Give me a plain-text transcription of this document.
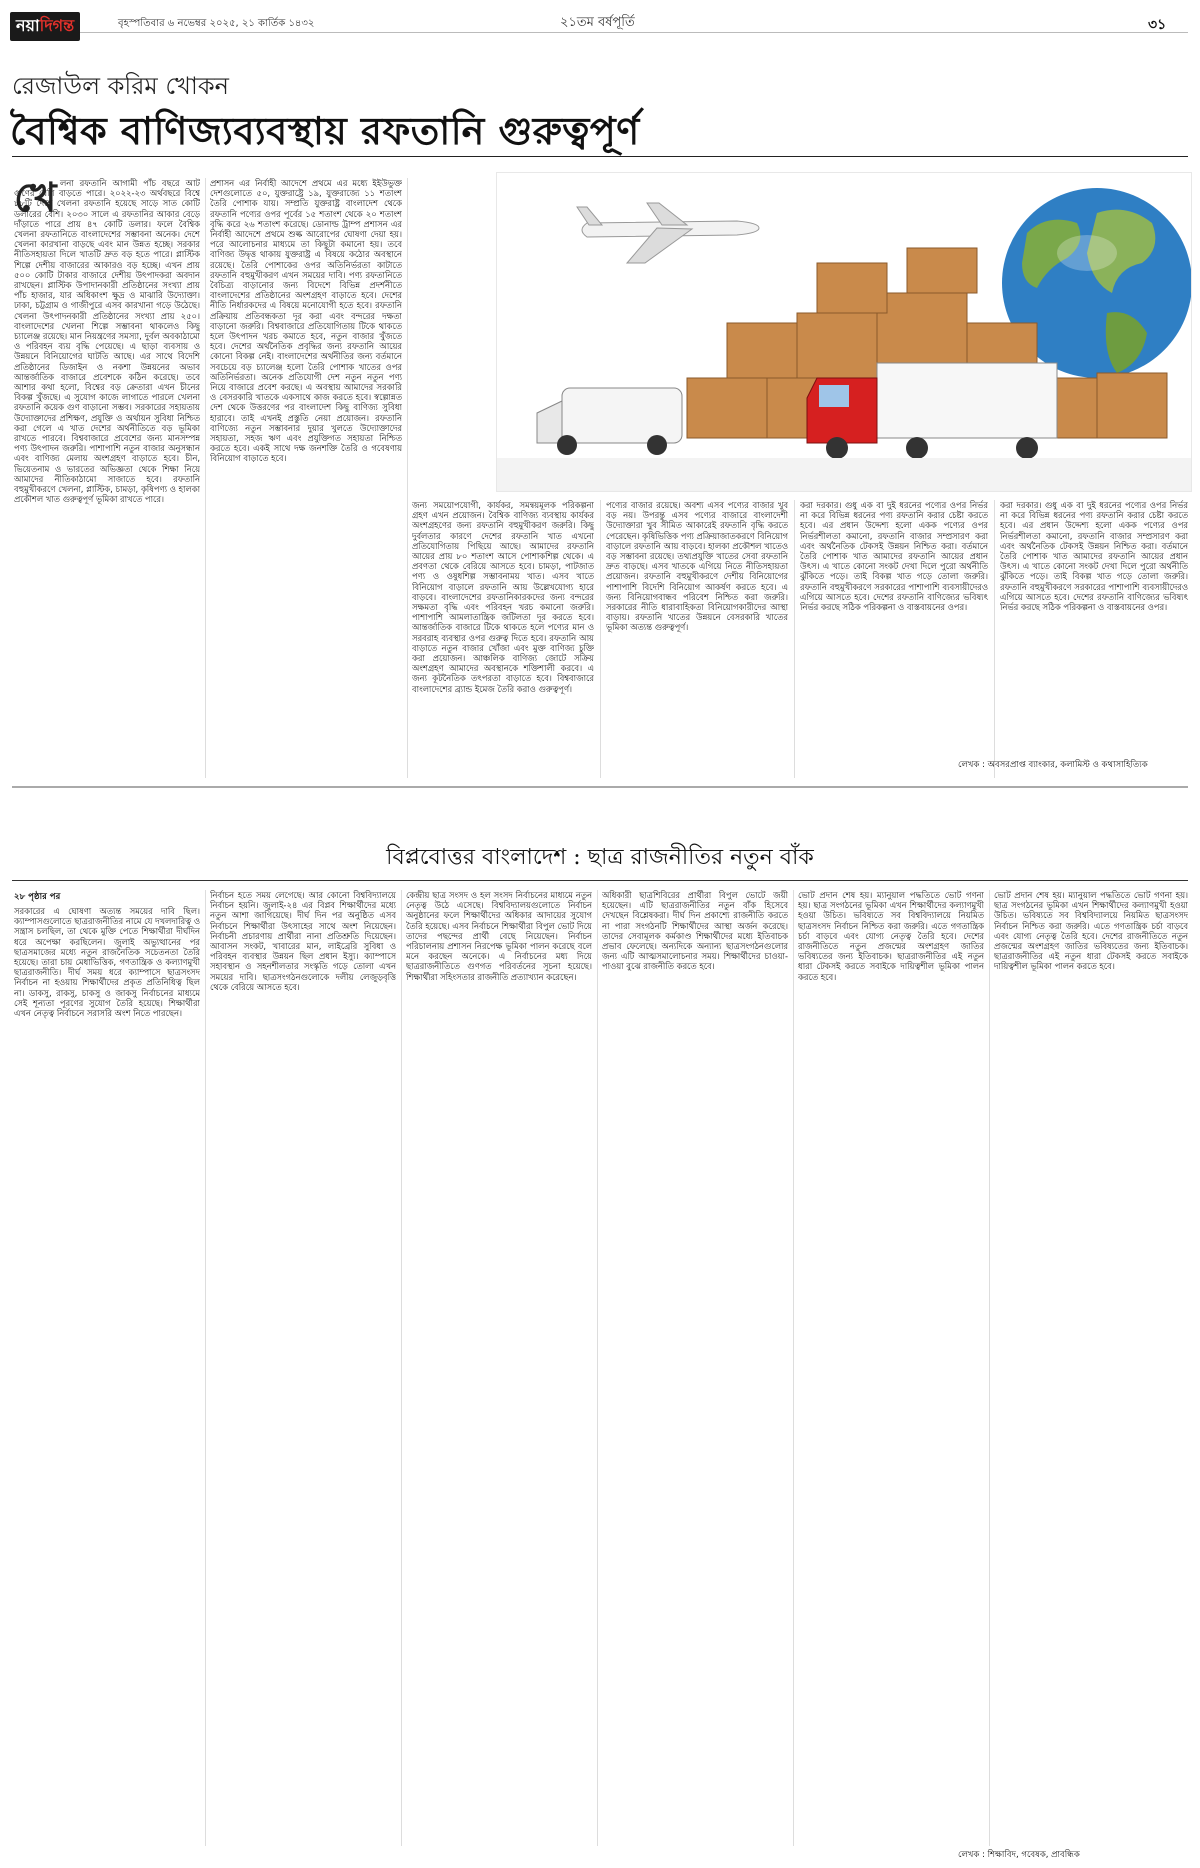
নয়াদিগন্ত	বৃহস্পতিবার ৬ নভেম্বর ২০২৫, ২১ কার্তিক ১৪৩২	২১তম বর্ষপূর্তি	৩১
রেজাউল করিম খোকন
বৈশ্বিক বাণিজ্যব্যবস্থায় রফতানি গুরুত্বপূর্ণ
খে লনা রফতানি আগামী পাঁচ বছরে আট গুণের বেশি বাড়তে পারে। ২০২২-২৩ অর্থবছরে বিশ্বে ৮৮টি দেশে খেলনা রফতানি হয়েছে সাড়ে সাত কোটি ডলারের বেশি। ২০৩০ সালে এ রফতানির আকার বেড়ে দাঁড়াতে পারে প্রায় ৪৭ কোটি ডলার। ফলে বৈশ্বিক খেলনা রফতানিতে বাংলাদেশের সম্ভাবনা অনেক। দেশে খেলনা কারখানা বাড়ছে এবং মান উন্নত হচ্ছে। সরকার নীতিসহায়তা দিলে খাতটি দ্রুত বড় হতে পারে। প্লাস্টিক শিল্পে দেশীয় বাজারের আকারও বড় হচ্ছে। এখন প্রায় ৫০০ কোটি টাকার বাজারে দেশীয় উৎপাদকরা অবদান রাখছেন। প্লাস্টিক উপাদানকারী প্রতিষ্ঠানের সংখ্যা প্রায় পাঁচ হাজার, যার অধিকাংশ ক্ষুদ্র ও মাঝারি উদ্যোক্তা। ঢাকা, চট্টগ্রাম ও গাজীপুরে এসব কারখানা গড়ে উঠেছে। খেলনা উৎপাদনকারী প্রতিষ্ঠানের সংখ্যা প্রায় ২৫০। বাংলাদেশের খেলনা শিল্পে সম্ভাবনা থাকলেও কিছু চ্যালেঞ্জ রয়েছে। মান নিয়ন্ত্রণের সমস্যা, দুর্বল অবকাঠামো ও পরিবহন ব্যয় বৃদ্ধি পেয়েছে। এ ছাড়া ব্যবসায় ও উন্নয়নে বিনিয়োগের ঘাটতি আছে। এর সাথে বিদেশি প্রতিষ্ঠানের ডিজাইন ও নকশা উন্নয়নের অভাব আন্তর্জাতিক বাজারে প্রবেশকে কঠিন করেছে। তবে আশার কথা হলো, বিশ্বের বড় ক্রেতারা এখন চীনের বিকল্প খুঁজছে। এ সুযোগ কাজে লাগাতে পারলে খেলনা রফতানি কয়েক গুণ বাড়ানো সম্ভব। সরকারের সহায়তায় উদ্যোক্তাদের প্রশিক্ষণ, প্রযুক্তি ও অর্থায়ন সুবিধা নিশ্চিত করা গেলে এ খাত দেশের অর্থনীতিতে বড় ভূমিকা রাখতে পারবে। বিশ্ববাজারে প্রবেশের জন্য মানসম্পন্ন পণ্য উৎপাদন জরুরি। পাশাপাশি নতুন বাজার অনুসন্ধান এবং বাণিজ্য মেলায় অংশগ্রহণ বাড়াতে হবে। চীন, ভিয়েতনাম ও ভারতের অভিজ্ঞতা থেকে শিক্ষা নিয়ে আমাদের নীতিকাঠামো সাজাতে হবে। রফতানি বহুমুখীকরণে খেলনা, প্লাস্টিক, চামড়া, কৃষিপণ্য ও হালকা প্রকৌশল খাত গুরুত্বপূর্ণ ভূমিকা রাখতে পারে।
প্রশাসন এর নির্বাহী আদেশে প্রথমে এর মধ্যে ইইউভুক্ত দেশগুলোতে ৫০, যুক্তরাষ্ট্রে ১৯, যুক্তরাজ্যে ১১ শতাংশ তৈরি পোশাক যায়। সম্প্রতি যুক্তরাষ্ট্র বাংলাদেশ থেকে রফতানি পণ্যের ওপর পূর্বের ১৫ শতাংশ থেকে ২০ শতাংশ বৃদ্ধি করে ২৬ শতাংশ করেছে। ডোনাল্ড ট্রাম্প প্রশাসন এর নির্বাহী আদেশে প্রথমে শুল্ক আরোপের ঘোষণা দেয়া হয়। পরে আলোচনার মাধ্যমে তা কিছুটা কমানো হয়। তবে বাণিজ্য উদ্বৃত্ত থাকায় যুক্তরাষ্ট্র এ বিষয়ে কঠোর অবস্থানে রয়েছে। তৈরি পোশাকের ওপর অতিনির্ভরতা কাটাতে রফতানি বহুমুখীকরণ এখন সময়ের দাবি। পণ্য রফতানিতে বৈচিত্র্য বাড়ানোর জন্য বিদেশে বিভিন্ন প্রদর্শনীতে বাংলাদেশের প্রতিষ্ঠানের অংশগ্রহণ বাড়াতে হবে। দেশের নীতি নির্ধারকদের এ বিষয়ে মনোযোগী হতে হবে। রফতানি প্রক্রিয়ায় প্রতিবন্ধকতা দূর করা এবং বন্দরের দক্ষতা বাড়ানো জরুরি। বিশ্ববাজারে প্রতিযোগিতায় টিকে থাকতে হলে উৎপাদন খরচ কমাতে হবে, নতুন বাজার খুঁজতে হবে। দেশের অর্থনৈতিক প্রবৃদ্ধির জন্য রফতানি আয়ের কোনো বিকল্প নেই। বাংলাদেশের অর্থনীতির জন্য বর্তমানে সবচেয়ে বড় চ্যালেঞ্জ হলো তৈরি পোশাক খাতের ওপর অতিনির্ভরতা। অনেক প্রতিযোগী দেশ নতুন নতুন পণ্য নিয়ে বাজারে প্রবেশ করছে। এ অবস্থায় আমাদের সরকারি ও বেসরকারি খাতকে একসাথে কাজ করতে হবে। স্বল্পোন্নত দেশ থেকে উত্তরণের পর বাংলাদেশ কিছু বাণিজ্য সুবিধা হারাবে। তাই এখনই প্রস্তুতি নেয়া প্রয়োজন। রফতানি বাণিজ্যে নতুন সম্ভাবনার দুয়ার খুলতে উদ্যোক্তাদের সহায়তা, সহজ ঋণ এবং প্রযুক্তিগত সহায়তা নিশ্চিত করতে হবে। একই সাথে দক্ষ জনশক্তি তৈরি ও গবেষণায় বিনিয়োগ বাড়াতে হবে।
জন্য সময়োপযোগী, কার্যকর, সমন্বয়মূলক পরিকল্পনা গ্রহণ এখন প্রয়োজন। বৈশ্বিক বাণিজ্য ব্যবস্থায় কার্যকর অংশগ্রহণের জন্য রফতানি বহুমুখীকরণ জরুরি। কিছু দুর্বলতার কারণে দেশের রফতানি খাত এখনো প্রতিযোগিতায় পিছিয়ে আছে। আমাদের রফতানি আয়ের প্রায় ৮০ শতাংশ আসে পোশাকশিল্প থেকে। এ প্রবণতা থেকে বেরিয়ে আসতে হবে। চামড়া, পাটজাত পণ্য ও ওষুধশিল্প সম্ভাবনাময় খাত। এসব খাতে বিনিয়োগ বাড়ালে রফতানি আয় উল্লেখযোগ্য হারে বাড়বে। বাংলাদেশের রফতানিকারকদের জন্য বন্দরের সক্ষমতা বৃদ্ধি এবং পরিবহন খরচ কমানো জরুরি। পাশাপাশি আমলাতান্ত্রিক জটিলতা দূর করতে হবে। আন্তর্জাতিক বাজারে টিকে থাকতে হলে পণ্যের মান ও সরবরাহ ব্যবস্থার ওপর গুরুত্ব দিতে হবে। রফতানি আয় বাড়াতে নতুন বাজার খোঁজা এবং মুক্ত বাণিজ্য চুক্তি করা প্রয়োজন। আঞ্চলিক বাণিজ্য জোটে সক্রিয় অংশগ্রহণ আমাদের অবস্থানকে শক্তিশালী করবে। এ জন্য কূটনৈতিক তৎপরতা বাড়াতে হবে। বিশ্ববাজারে বাংলাদেশের ব্র্যান্ড ইমেজ তৈরি করাও গুরুত্বপূর্ণ।
পণ্যের বাজার রয়েছে। অবশ্য এসব পণ্যের বাজার খুব বড় নয়। উপরন্তু এসব পণ্যের বাজারে বাংলাদেশী উদ্যোক্তারা খুব সীমিত আকারেই রফতানি বৃদ্ধি করতে পেরেছেন। কৃষিভিত্তিক পণ্য প্রক্রিয়াজাতকরণে বিনিয়োগ বাড়ালে রফতানি আয় বাড়বে। হালকা প্রকৌশল খাতেও বড় সম্ভাবনা রয়েছে। তথ্যপ্রযুক্তি খাতের সেবা রফতানি দ্রুত বাড়ছে। এসব খাতকে এগিয়ে নিতে নীতিসহায়তা প্রয়োজন। রফতানি বহুমুখীকরণে দেশীয় বিনিয়োগের পাশাপাশি বিদেশি বিনিয়োগ আকর্ষণ করতে হবে। এ জন্য বিনিয়োগবান্ধব পরিবেশ নিশ্চিত করা জরুরি। সরকারের নীতি ধারাবাহিকতা বিনিয়োগকারীদের আস্থা বাড়ায়। রফতানি খাতের উন্নয়নে বেসরকারি খাতের ভূমিকা অত্যন্ত গুরুত্বপূর্ণ।
করা দরকার। গুধু এক বা দুই ধরনের পণ্যের ওপর নির্ভর না করে বিভিন্ন ধরনের পণ্য রফতানি করার চেষ্টা করতে হবে। এর প্রধান উদ্দেশ্য হলো একক পণ্যের ওপর নির্ভরশীলতা কমানো, রফতানি বাজার সম্প্রসারণ করা এবং অর্থনৈতিক টেকসই উন্নয়ন নিশ্চিত করা। বর্তমানে তৈরি পোশাক খাত আমাদের রফতানি আয়ের প্রধান উৎস। এ খাতে কোনো সংকট দেখা দিলে পুরো অর্থনীতি ঝুঁকিতে পড়ে। তাই বিকল্প খাত গড়ে তোলা জরুরি। রফতানি বহুমুখীকরণে সরকারের পাশাপাশি ব্যবসায়ীদেরও এগিয়ে আসতে হবে। দেশের রফতানি বাণিজ্যের ভবিষ্যৎ নির্ভর করছে সঠিক পরিকল্পনা ও বাস্তবায়নের ওপর।
করা দরকার। গুধু এক বা দুই ধরনের পণ্যের ওপর নির্ভর না করে বিভিন্ন ধরনের পণ্য রফতানি করার চেষ্টা করতে হবে। এর প্রধান উদ্দেশ্য হলো একক পণ্যের ওপর নির্ভরশীলতা কমানো, রফতানি বাজার সম্প্রসারণ করা এবং অর্থনৈতিক টেকসই উন্নয়ন নিশ্চিত করা। বর্তমানে তৈরি পোশাক খাত আমাদের রফতানি আয়ের প্রধান উৎস। এ খাতে কোনো সংকট দেখা দিলে পুরো অর্থনীতি ঝুঁকিতে পড়ে। তাই বিকল্প খাত গড়ে তোলা জরুরি। রফতানি বহুমুখীকরণে সরকারের পাশাপাশি ব্যবসায়ীদেরও এগিয়ে আসতে হবে। দেশের রফতানি বাণিজ্যের ভবিষ্যৎ নির্ভর করছে সঠিক পরিকল্পনা ও বাস্তবায়নের ওপর।
লেখক : অবসরপ্রাপ্ত ব্যাংকার, কলামিস্ট ও কথাসাহিত্যিক
বিপ্লবোত্তর বাংলাদেশ : ছাত্র রাজনীতির নতুন বাঁক
২৮ পৃষ্ঠার পর
সরকারের এ ঘোষণা অত্যন্ত সময়ের দাবি ছিল। ক্যাম্পাসগুলোতে ছাত্ররাজনীতির নামে যে দখলদারিত্ব ও সন্ত্রাস চলছিল, তা থেকে মুক্তি পেতে শিক্ষার্থীরা দীর্ঘদিন ধরে অপেক্ষা করছিলেন। জুলাই অভ্যুত্থানের পর ছাত্রসমাজের মধ্যে নতুন রাজনৈতিক সচেতনতা তৈরি হয়েছে। তারা চায় মেধাভিত্তিক, গণতান্ত্রিক ও কল্যাণমুখী ছাত্ররাজনীতি। দীর্ঘ সময় ধরে ক্যাম্পাসে ছাত্রসংসদ নির্বাচন না হওয়ায় শিক্ষার্থীদের প্রকৃত প্রতিনিধিত্ব ছিল না। ডাকসু, রাকসু, চাকসু ও জাকসু নির্বাচনের মাধ্যমে সেই শূন্যতা পূরণের সুযোগ তৈরি হয়েছে। শিক্ষার্থীরা এখন নেতৃত্ব নির্বাচনে সরাসরি অংশ নিতে পারছেন।
নির্বাচন হতে সময় লেগেছে। আর কোনো বিশ্ববিদ্যালয়ে নির্বাচন হয়নি। জুলাই-২৪ এর বিপ্লব শিক্ষার্থীদের মধ্যে নতুন আশা জাগিয়েছে। দীর্ঘ দিন পর অনুষ্ঠিত এসব নির্বাচনে শিক্ষার্থীরা উৎসাহের সাথে অংশ নিয়েছেন। নির্বাচনী প্রচারণায় প্রার্থীরা নানা প্রতিশ্রুতি দিয়েছেন। আবাসন সংকট, খাবারের মান, লাইব্রেরি সুবিধা ও পরিবহন ব্যবস্থার উন্নয়ন ছিল প্রধান ইস্যু। ক্যাম্পাসে সহাবস্থান ও সহনশীলতার সংস্কৃতি গড়ে তোলা এখন সময়ের দাবি। ছাত্রসংগঠনগুলোকে দলীয় লেজুড়বৃত্তি থেকে বেরিয়ে আসতে হবে।
কেন্দ্রীয় ছাত্র সংসদ ও হল সংসদ নির্বাচনের মাধ্যমে নতুন নেতৃত্ব উঠে এসেছে। বিশ্ববিদ্যালয়গুলোতে নির্বাচন অনুষ্ঠানের ফলে শিক্ষার্থীদের অধিকার আদায়ের সুযোগ তৈরি হয়েছে। এসব নির্বাচনে শিক্ষার্থীরা বিপুল ভোট দিয়ে তাদের পছন্দের প্রার্থী বেছে নিয়েছেন। নির্বাচন পরিচালনায় প্রশাসন নিরপেক্ষ ভূমিকা পালন করেছে বলে মনে করছেন অনেকে। এ নির্বাচনের মধ্য দিয়ে ছাত্ররাজনীতিতে গুণগত পরিবর্তনের সূচনা হয়েছে। শিক্ষার্থীরা সহিংসতার রাজনীতি প্রত্যাখ্যান করেছেন।
অধিকারী ছাত্রশিবিরের প্রার্থীরা বিপুল ভোটে জয়ী হয়েছেন। এটি ছাত্ররাজনীতির নতুন বাঁক হিসেবে দেখছেন বিশ্লেষকরা। দীর্ঘ দিন প্রকাশ্যে রাজনীতি করতে না পারা সংগঠনটি শিক্ষার্থীদের আস্থা অর্জন করেছে। তাদের সেবামূলক কর্মকাণ্ড শিক্ষার্থীদের মধ্যে ইতিবাচক প্রভাব ফেলেছে। অন্যদিকে অন্যান্য ছাত্রসংগঠনগুলোর জন্য এটি আত্মসমালোচনার সময়। শিক্ষার্থীদের চাওয়া-পাওয়া বুঝে রাজনীতি করতে হবে।
ভোট প্রদান শেষ হয়। ম্যানুয়াল পদ্ধতিতে ভোট গণনা হয়। ছাত্র সংগঠনের ভূমিকা এখন শিক্ষার্থীদের কল্যাণমুখী হওয়া উচিত। ভবিষ্যতে সব বিশ্ববিদ্যালয়ে নিয়মিত ছাত্রসংসদ নির্বাচন নিশ্চিত করা জরুরি। এতে গণতান্ত্রিক চর্চা বাড়বে এবং যোগ্য নেতৃত্ব তৈরি হবে। দেশের রাজনীতিতে নতুন প্রজন্মের অংশগ্রহণ জাতির ভবিষ্যতের জন্য ইতিবাচক। ছাত্ররাজনীতির এই নতুন ধারা টেকসই করতে সবাইকে দায়িত্বশীল ভূমিকা পালন করতে হবে।
ভোট প্রদান শেষ হয়। ম্যানুয়াল পদ্ধতিতে ভোট গণনা হয়। ছাত্র সংগঠনের ভূমিকা এখন শিক্ষার্থীদের কল্যাণমুখী হওয়া উচিত। ভবিষ্যতে সব বিশ্ববিদ্যালয়ে নিয়মিত ছাত্রসংসদ নির্বাচন নিশ্চিত করা জরুরি। এতে গণতান্ত্রিক চর্চা বাড়বে এবং যোগ্য নেতৃত্ব তৈরি হবে। দেশের রাজনীতিতে নতুন প্রজন্মের অংশগ্রহণ জাতির ভবিষ্যতের জন্য ইতিবাচক। ছাত্ররাজনীতির এই নতুন ধারা টেকসই করতে সবাইকে দায়িত্বশীল ভূমিকা পালন করতে হবে।
লেখক : শিক্ষাবিদ, গবেষক, প্রাবন্ধিক
